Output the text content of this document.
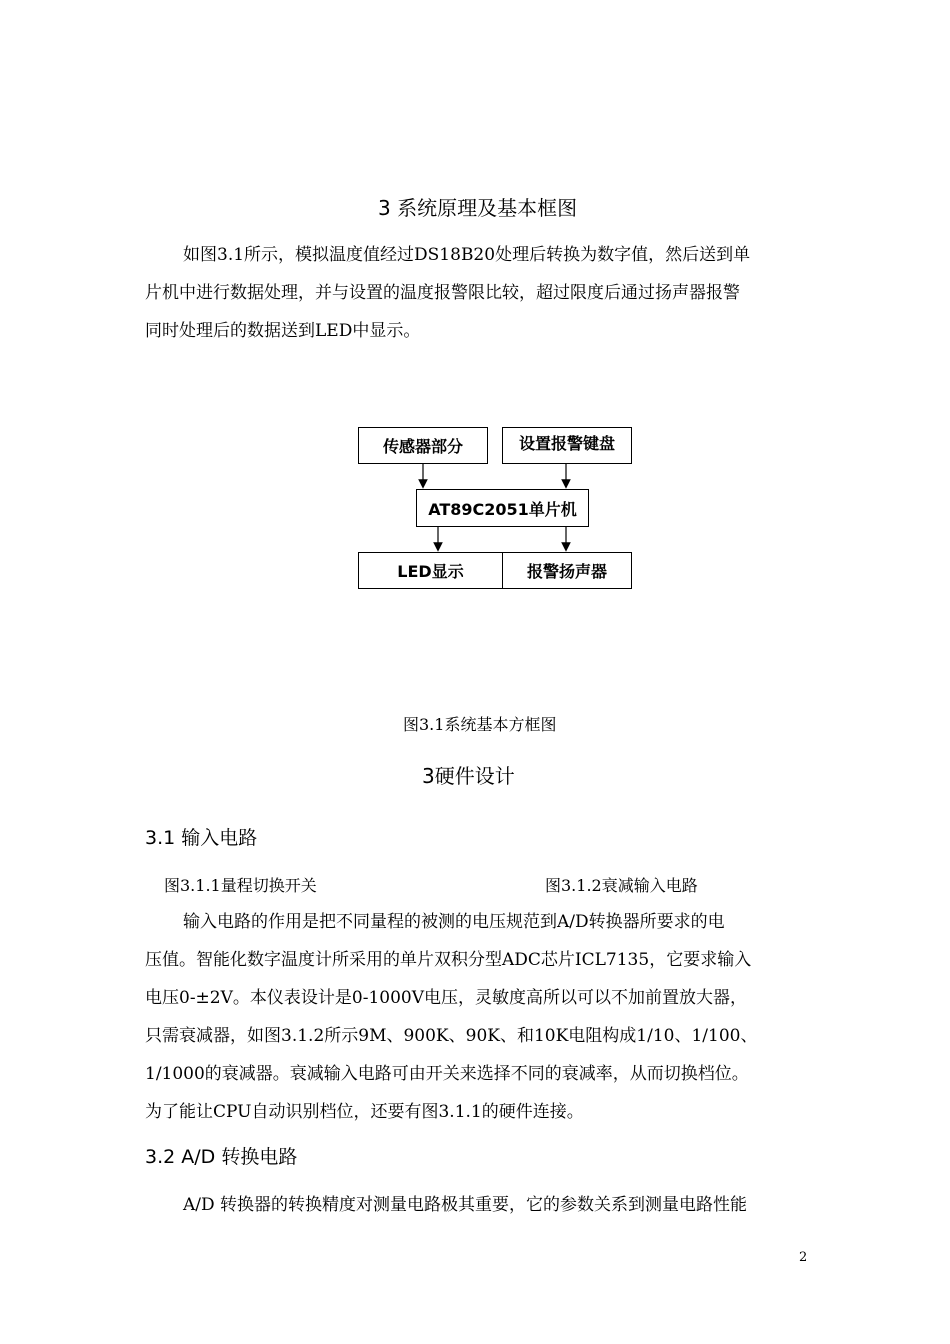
3 系统原理及基本框图
如图3.1所示，模拟温度值经过DS18B20处理后转换为数字值，然后送到单
片机中进行数据处理，并与设置的温度报警限比较，超过限度后通过扬声器报警
同时处理后的数据送到LED中显示。
传感器部分	设置报警键盘
AT89C2051单片机
LED显示	报警扬声器
图3.1系统基本方框图
3硬件设计
3.1 输入电路
图3.1.1量程切换开关	图3.1.2衰减输入电路
输入电路的作用是把不同量程的被测的电压规范到A/D转换器所要求的电
压值。智能化数字温度计所采用的单片双积分型ADC芯片ICL7135，它要求输入
电压0-±2V。本仪表设计是0-1000V电压，灵敏度高所以可以不加前置放大器，
只需衰减器，如图3.1.2所示9M、900K、90K、和10K电阻构成1/10、1/100、
1/1000的衰减器。衰减输入电路可由开关来选择不同的衰减率，从而切换档位。
为了能让CPU自动识别档位，还要有图3.1.1的硬件连接。
3.2 A/D 转换电路
A/D 转换器的转换精度对测量电路极其重要，它的参数关系到测量电路性能
2
